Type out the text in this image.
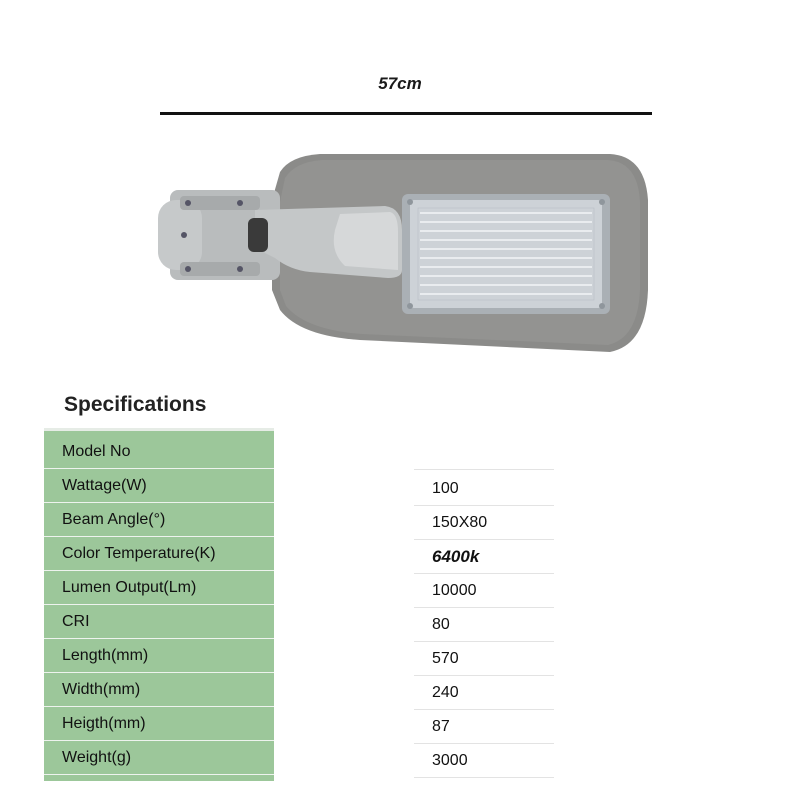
57cm
Specifications
Model No
Wattage(W)
Beam Angle(°)
Color Temperature(K)
Lumen Output(Lm)
CRI
Length(mm)
Width(mm)
Heigth(mm)
Weight(g)
100
150X80
6400k
10000
80
570
240
87
3000
